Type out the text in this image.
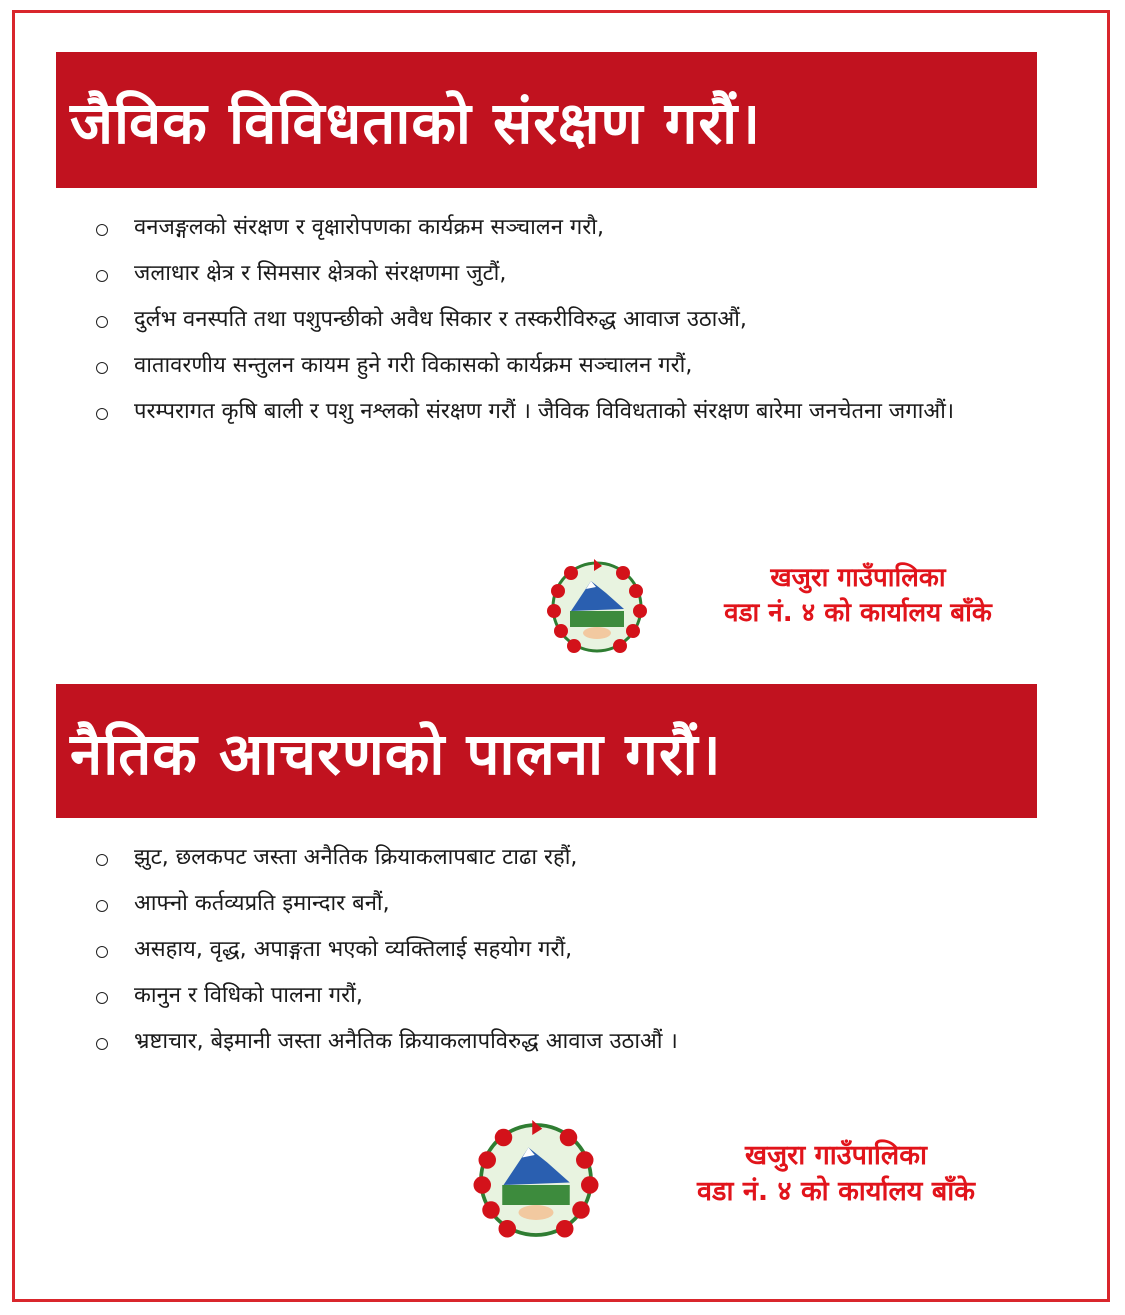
जैविक विविधताको संरक्षण गरौं।
वनजङ्गलको संरक्षण र वृक्षारोपणका कार्यक्रम सञ्चालन गरौ,
जलाधार क्षेत्र र सिमसार क्षेत्रको संरक्षणमा जुटौं,
दुर्लभ वनस्पति तथा पशुपन्छीको अवैध सिकार र तस्करीविरुद्ध आवाज उठाऔं,
वातावरणीय सन्तुलन कायम हुने गरी विकासको कार्यक्रम सञ्चालन गरौं,
परम्परागत कृषि बाली र पशु नश्लको संरक्षण गरौं । जैविक विविधताको संरक्षण बारेमा जनचेतना जगाऔं।
खजुरा गाउँपालिका
वडा नं. ४ को कार्यालय बाँके
नैतिक आचरणको पालना गरौं।
झुट, छलकपट जस्ता अनैतिक क्रियाकलापबाट टाढा रहौं,
आफ्नो कर्तव्यप्रति इमान्दार बनौं,
असहाय, वृद्ध, अपाङ्गता भएको व्यक्तिलाई सहयोग गरौं,
कानुन र विधिको पालना गरौं,
भ्रष्टाचार, बेइमानी जस्ता अनैतिक क्रियाकलापविरुद्ध आवाज उठाऔं ।
खजुरा गाउँपालिका
वडा नं. ४ को कार्यालय बाँके
